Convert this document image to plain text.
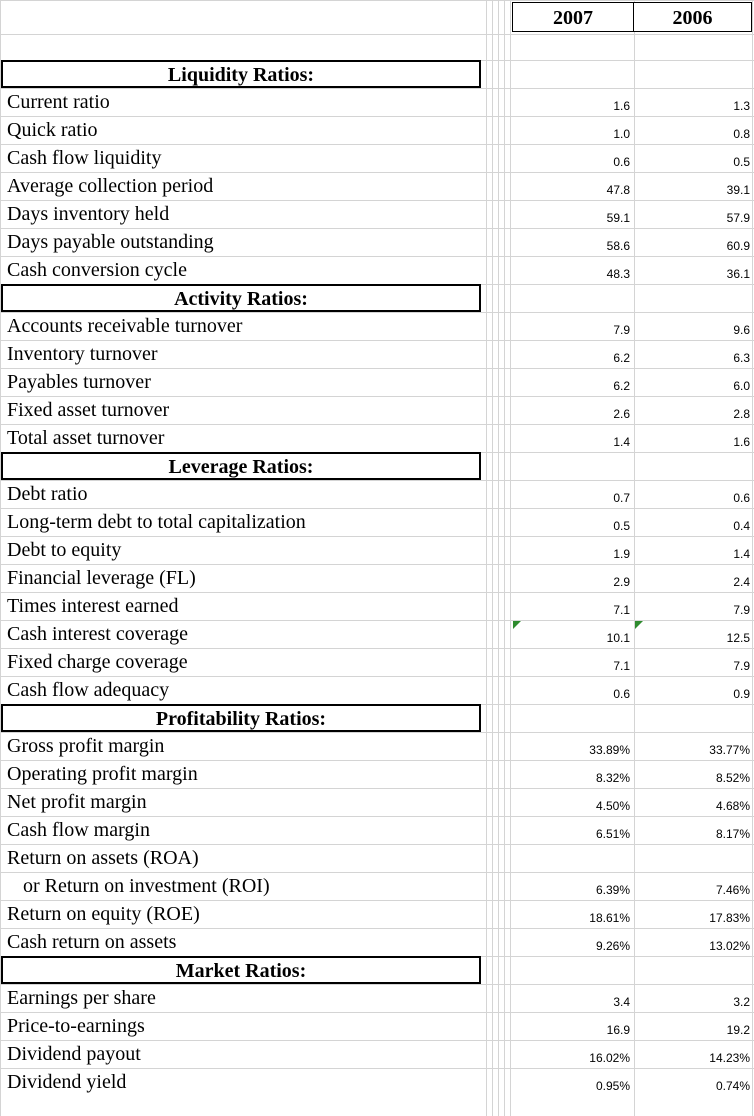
2007	2006
Liquidity Ratios:
Current ratio	1.6	1.3
Quick ratio	1.0	0.8
Cash flow liquidity	0.6	0.5
Average collection period	47.8	39.1
Days inventory held	59.1	57.9
Days payable outstanding	58.6	60.9
Cash conversion cycle	48.3	36.1
Activity Ratios:
Accounts receivable turnover	7.9	9.6
Inventory turnover	6.2	6.3
Payables turnover	6.2	6.0
Fixed asset turnover	2.6	2.8
Total asset turnover	1.4	1.6
Leverage Ratios:
Debt ratio	0.7	0.6
Long-term debt to total capitalization	0.5	0.4
Debt to equity	1.9	1.4
Financial leverage (FL)	2.9	2.4
Times interest earned	7.1	7.9
Cash interest coverage	10.1	12.5
Fixed charge coverage	7.1	7.9
Cash flow adequacy	0.6	0.9
Profitability Ratios:
Gross profit margin	33.89%	33.77%
Operating profit margin	8.32%	8.52%
Net profit margin	4.50%	4.68%
Cash flow margin	6.51%	8.17%
Return on assets (ROA)
or Return on investment (ROI)	6.39%	7.46%
Return on equity (ROE)	18.61%	17.83%
Cash return on assets	9.26%	13.02%
Market Ratios:
Earnings per share	3.4	3.2
Price-to-earnings	16.9	19.2
Dividend payout	16.02%	14.23%
Dividend yield	0.95%	0.74%
